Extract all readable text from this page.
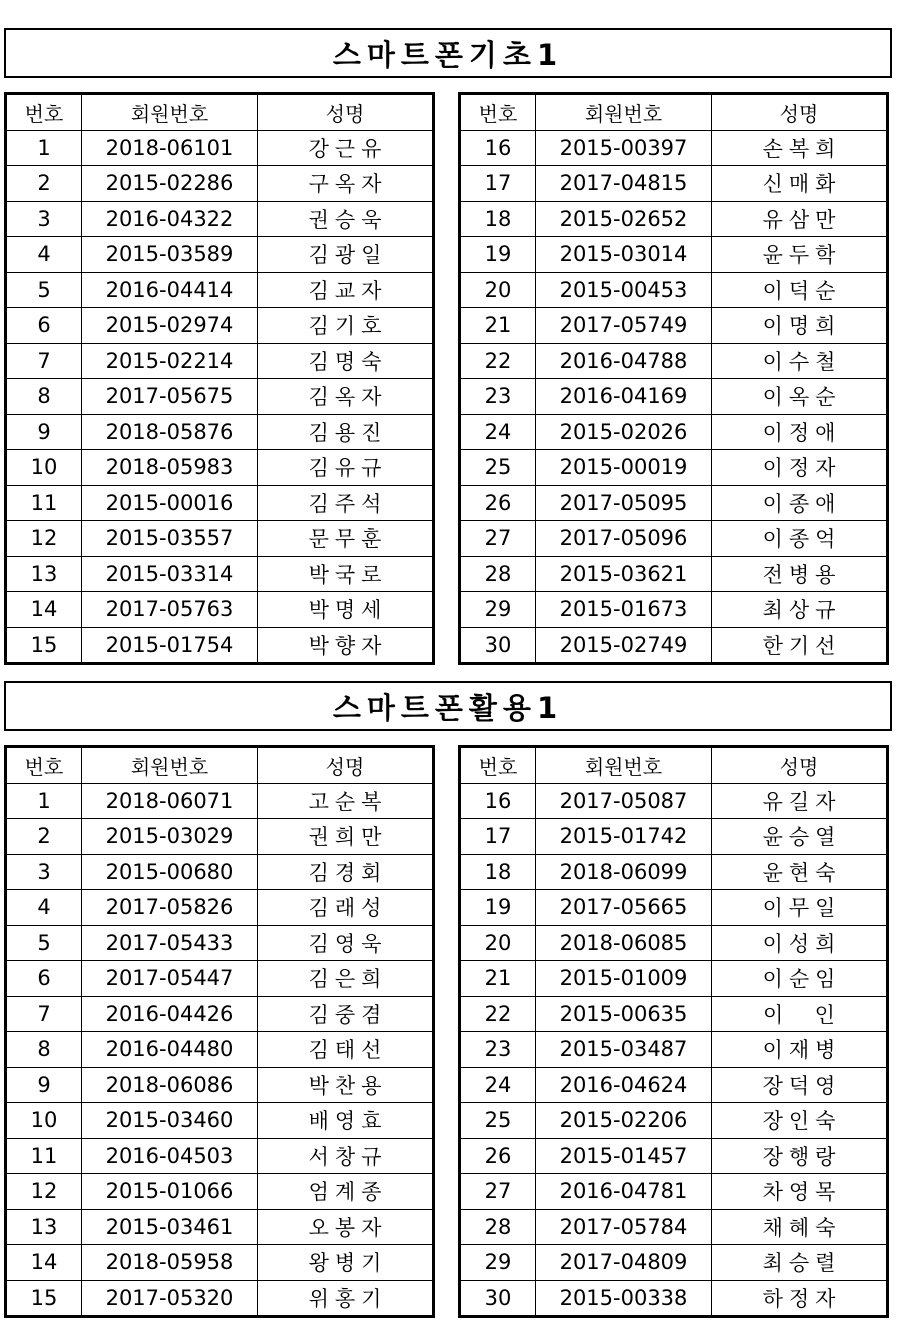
스마트폰기초1
번호	회원번호	성명
1	2018-06101	강근유
2	2015-02286	구옥자
3	2016-04322	권승욱
4	2015-03589	김광일
5	2016-04414	김교자
6	2015-02974	김기호
7	2015-02214	김명숙
8	2017-05675	김옥자
9	2018-05876	김용진
10	2018-05983	김유규
11	2015-00016	김주석
12	2015-03557	문무훈
13	2015-03314	박국로
14	2017-05763	박명세
15	2015-01754	박향자
번호	회원번호	성명
16	2015-00397	손복희
17	2017-04815	신매화
18	2015-02652	유삼만
19	2015-03014	윤두학
20	2015-00453	이덕순
21	2017-05749	이명희
22	2016-04788	이수철
23	2016-04169	이옥순
24	2015-02026	이정애
25	2015-00019	이정자
26	2017-05095	이종애
27	2017-05096	이종억
28	2015-03621	전병용
29	2015-01673	최상규
30	2015-02749	한기선
스마트폰활용1
번호	회원번호	성명
1	2018-06071	고순복
2	2015-03029	권희만
3	2015-00680	김경회
4	2017-05826	김래성
5	2017-05433	김영욱
6	2017-05447	김은희
7	2016-04426	김중겸
8	2016-04480	김태선
9	2018-06086	박찬용
10	2015-03460	배영효
11	2016-04503	서창규
12	2015-01066	엄계종
13	2015-03461	오봉자
14	2018-05958	왕병기
15	2017-05320	위홍기
번호	회원번호	성명
16	2017-05087	유길자
17	2015-01742	윤승열
18	2018-06099	윤현숙
19	2017-05665	이무일
20	2018-06085	이성희
21	2015-01009	이순임
22	2015-00635	이  인
23	2015-03487	이재병
24	2016-04624	장덕영
25	2015-02206	장인숙
26	2015-01457	장행랑
27	2016-04781	차영목
28	2017-05784	채혜숙
29	2017-04809	최승렬
30	2015-00338	하정자
